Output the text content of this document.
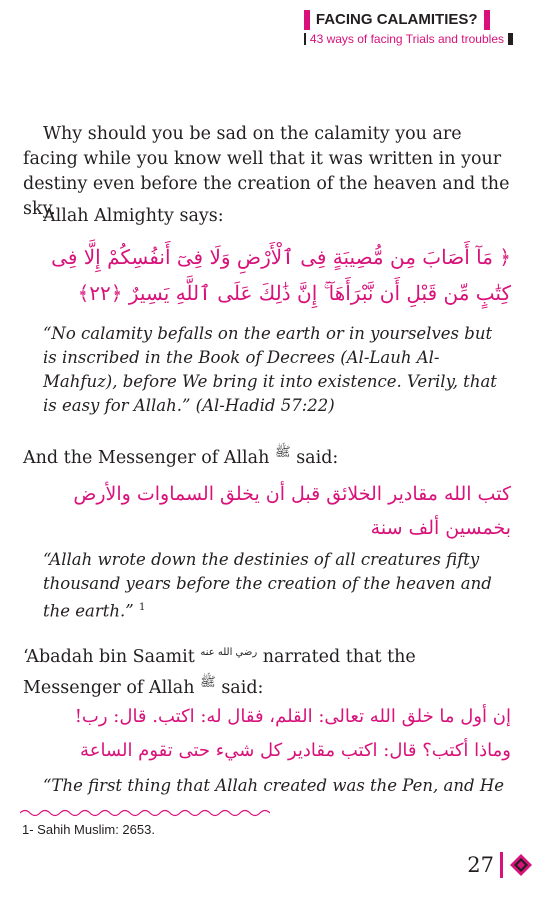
FACING CALAMITIES?
43 ways of facing Trials and troubles

Why should you be sad on the calamity you are facing while you know well that it was written in your destiny even before the creation of the heaven and the sky.

Allah Almighty says:

﴿ مَآ أَصَابَ مِن مُّصِيبَةٍ فِى ٱلْأَرْضِ وَلَا فِىٓ أَنفُسِكُمْ إِلَّا فِى

كِتَٰبٍ مِّن قَبْلِ أَن نَّبْرَأَهَآ ۚ إِنَّ ذَٰلِكَ عَلَى ٱللَّهِ يَسِيرٌ ﴿٢٢﴾

“No calamity befalls on the earth or in yourselves but is inscribed in the Book of Decrees (Al-Lauh Al-Mahfuz), before We bring it into existence. Verily, that is easy for Allah.” (Al-Hadid 57:22)

And the Messenger of Allah $^ﷺ$ said:

كتب الله مقادير الخلائق قبل أن يخلق السماوات والأرض

بخمسين ألف سنة

“Allah wrote down the destinies of all creatures fifty thousand years before the creation of the heaven and the earth.” $^1$

‘Abadah bin Saamit $^{رضي الله عنه}$ narrated that the Messenger of Allah $^ﷺ$ said:

إن أول ما خلق الله تعالى: القلم، فقال له: اكتب. قال: رب!

وماذا أكتب؟ قال: اكتب مقادير كل شيء حتى تقوم الساعة

“The first thing that Allah created was the Pen, and He

1- Sahih Muslim: 2653.
27
